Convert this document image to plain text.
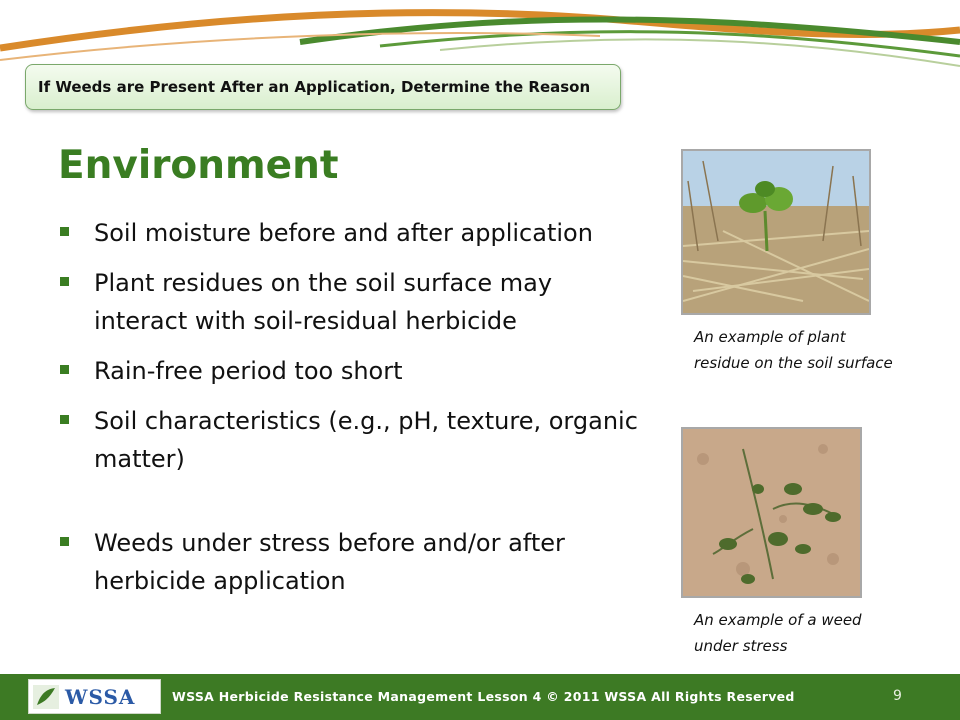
If Weeds are Present After an Application, Determine the Reason
Environment
Soil moisture before and after application
Plant residues on the soil surface may interact with soil-residual herbicide
Rain-free period too short
Soil characteristics (e.g., pH, texture, organic matter)
Weeds under stress before and/or after herbicide application
An example of plant residue on the soil surface
An example of a weed under stress
WSSA	WSSA Herbicide Resistance Management Lesson 4 © 2011 WSSA All Rights Reserved	9
